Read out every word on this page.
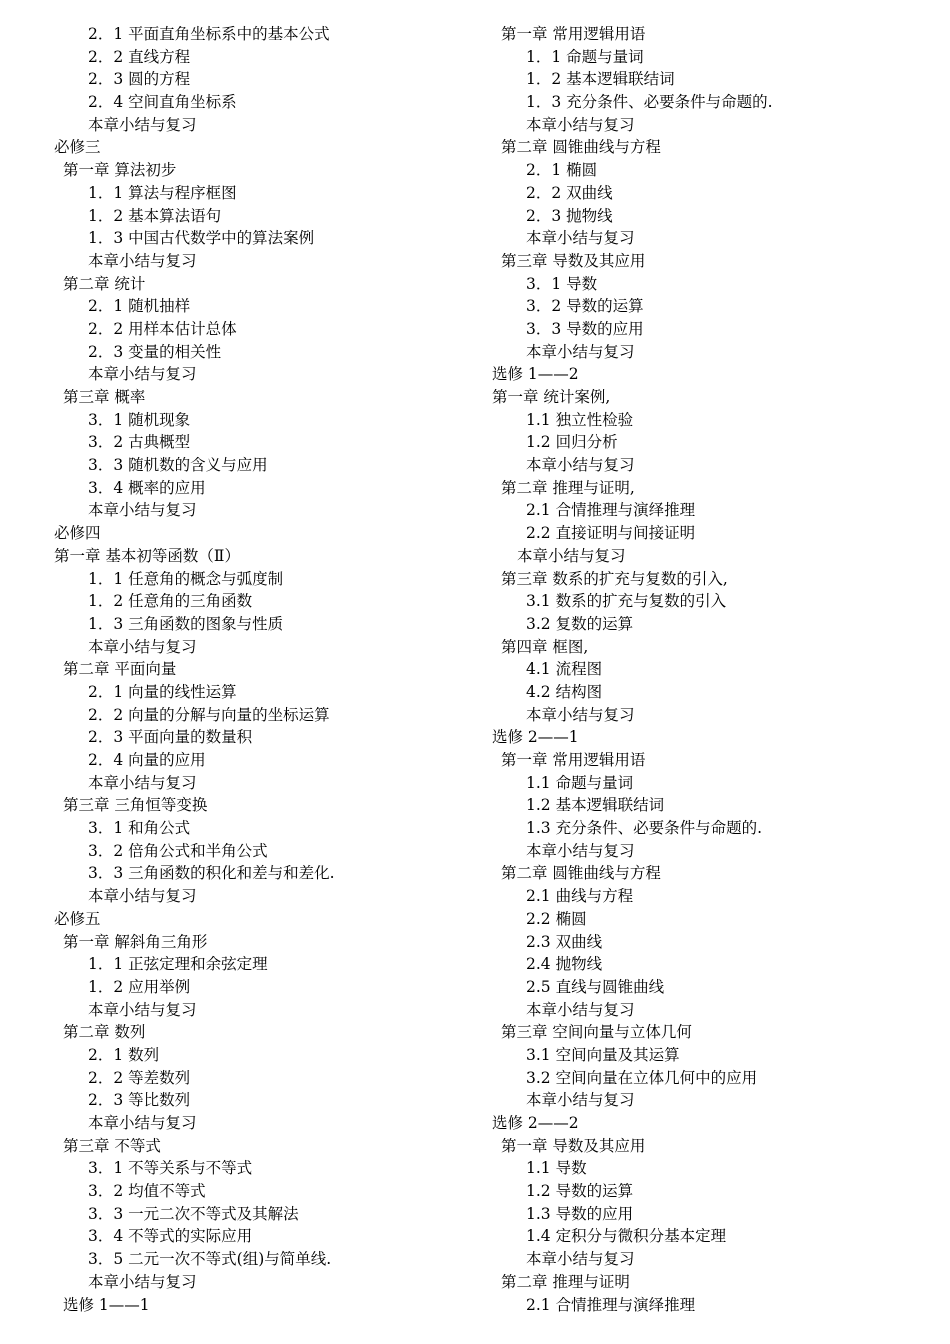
2．1 平面直角坐标系中的基本公式
2．2 直线方程
2．3 圆的方程
2．4 空间直角坐标系
本章小结与复习
必修三
第一章 算法初步
1．1 算法与程序框图
1．2 基本算法语句
1．3 中国古代数学中的算法案例
本章小结与复习
第二章 统计
2．1 随机抽样
2．2 用样本估计总体
2．3 变量的相关性
本章小结与复习
第三章 概率
3．1 随机现象
3．2 古典概型
3．3 随机数的含义与应用
3．4 概率的应用
本章小结与复习
必修四
第一章 基本初等函数（Ⅱ）
1．1 任意角的概念与弧度制
1．2 任意角的三角函数
1．3 三角函数的图象与性质
本章小结与复习
第二章 平面向量
2．1 向量的线性运算
2．2 向量的分解与向量的坐标运算
2．3 平面向量的数量积
2．4 向量的应用
本章小结与复习
第三章 三角恒等变换
3．1 和角公式
3．2 倍角公式和半角公式
3．3 三角函数的积化和差与和差化.
本章小结与复习
必修五
第一章 解斜角三角形
1．1 正弦定理和余弦定理
1．2 应用举例
本章小结与复习
第二章 数列
2．1 数列
2．2 等差数列
2．3 等比数列
本章小结与复习
第三章 不等式
3．1 不等关系与不等式
3．2 均值不等式
3．3 一元二次不等式及其解法
3．4 不等式的实际应用
3．5 二元一次不等式(组)与简单线.
本章小结与复习
选修 1——1
第一章 常用逻辑用语
1．1 命题与量词
1．2 基本逻辑联结词
1．3 充分条件、必要条件与命题的.
本章小结与复习
第二章 圆锥曲线与方程
2．1 椭圆
2．2 双曲线
2．3 抛物线
本章小结与复习
第三章 导数及其应用
3．1 导数
3．2 导数的运算
3．3 导数的应用
本章小结与复习
选修 1——2
第一章 统计案例,
1.1 独立性检验
1.2 回归分析
本章小结与复习
第二章 推理与证明,
2.1 合情推理与演绎推理
2.2 直接证明与间接证明
本章小结与复习
第三章 数系的扩充与复数的引入,
3.1 数系的扩充与复数的引入
3.2 复数的运算
第四章 框图,
4.1 流程图
4.2 结构图
本章小结与复习
选修 2——1
第一章 常用逻辑用语
1.1 命题与量词
1.2 基本逻辑联结词
1.3 充分条件、必要条件与命题的.
本章小结与复习
第二章 圆锥曲线与方程
2.1 曲线与方程
2.2 椭圆
2.3 双曲线
2.4 抛物线
2.5 直线与圆锥曲线
本章小结与复习
第三章 空间向量与立体几何
3.1 空间向量及其运算
3.2 空间向量在立体几何中的应用
本章小结与复习
选修 2——2
第一章 导数及其应用
1.1 导数
1.2 导数的运算
1.3 导数的应用
1.4 定积分与微积分基本定理
本章小结与复习
第二章 推理与证明
2.1 合情推理与演绎推理
